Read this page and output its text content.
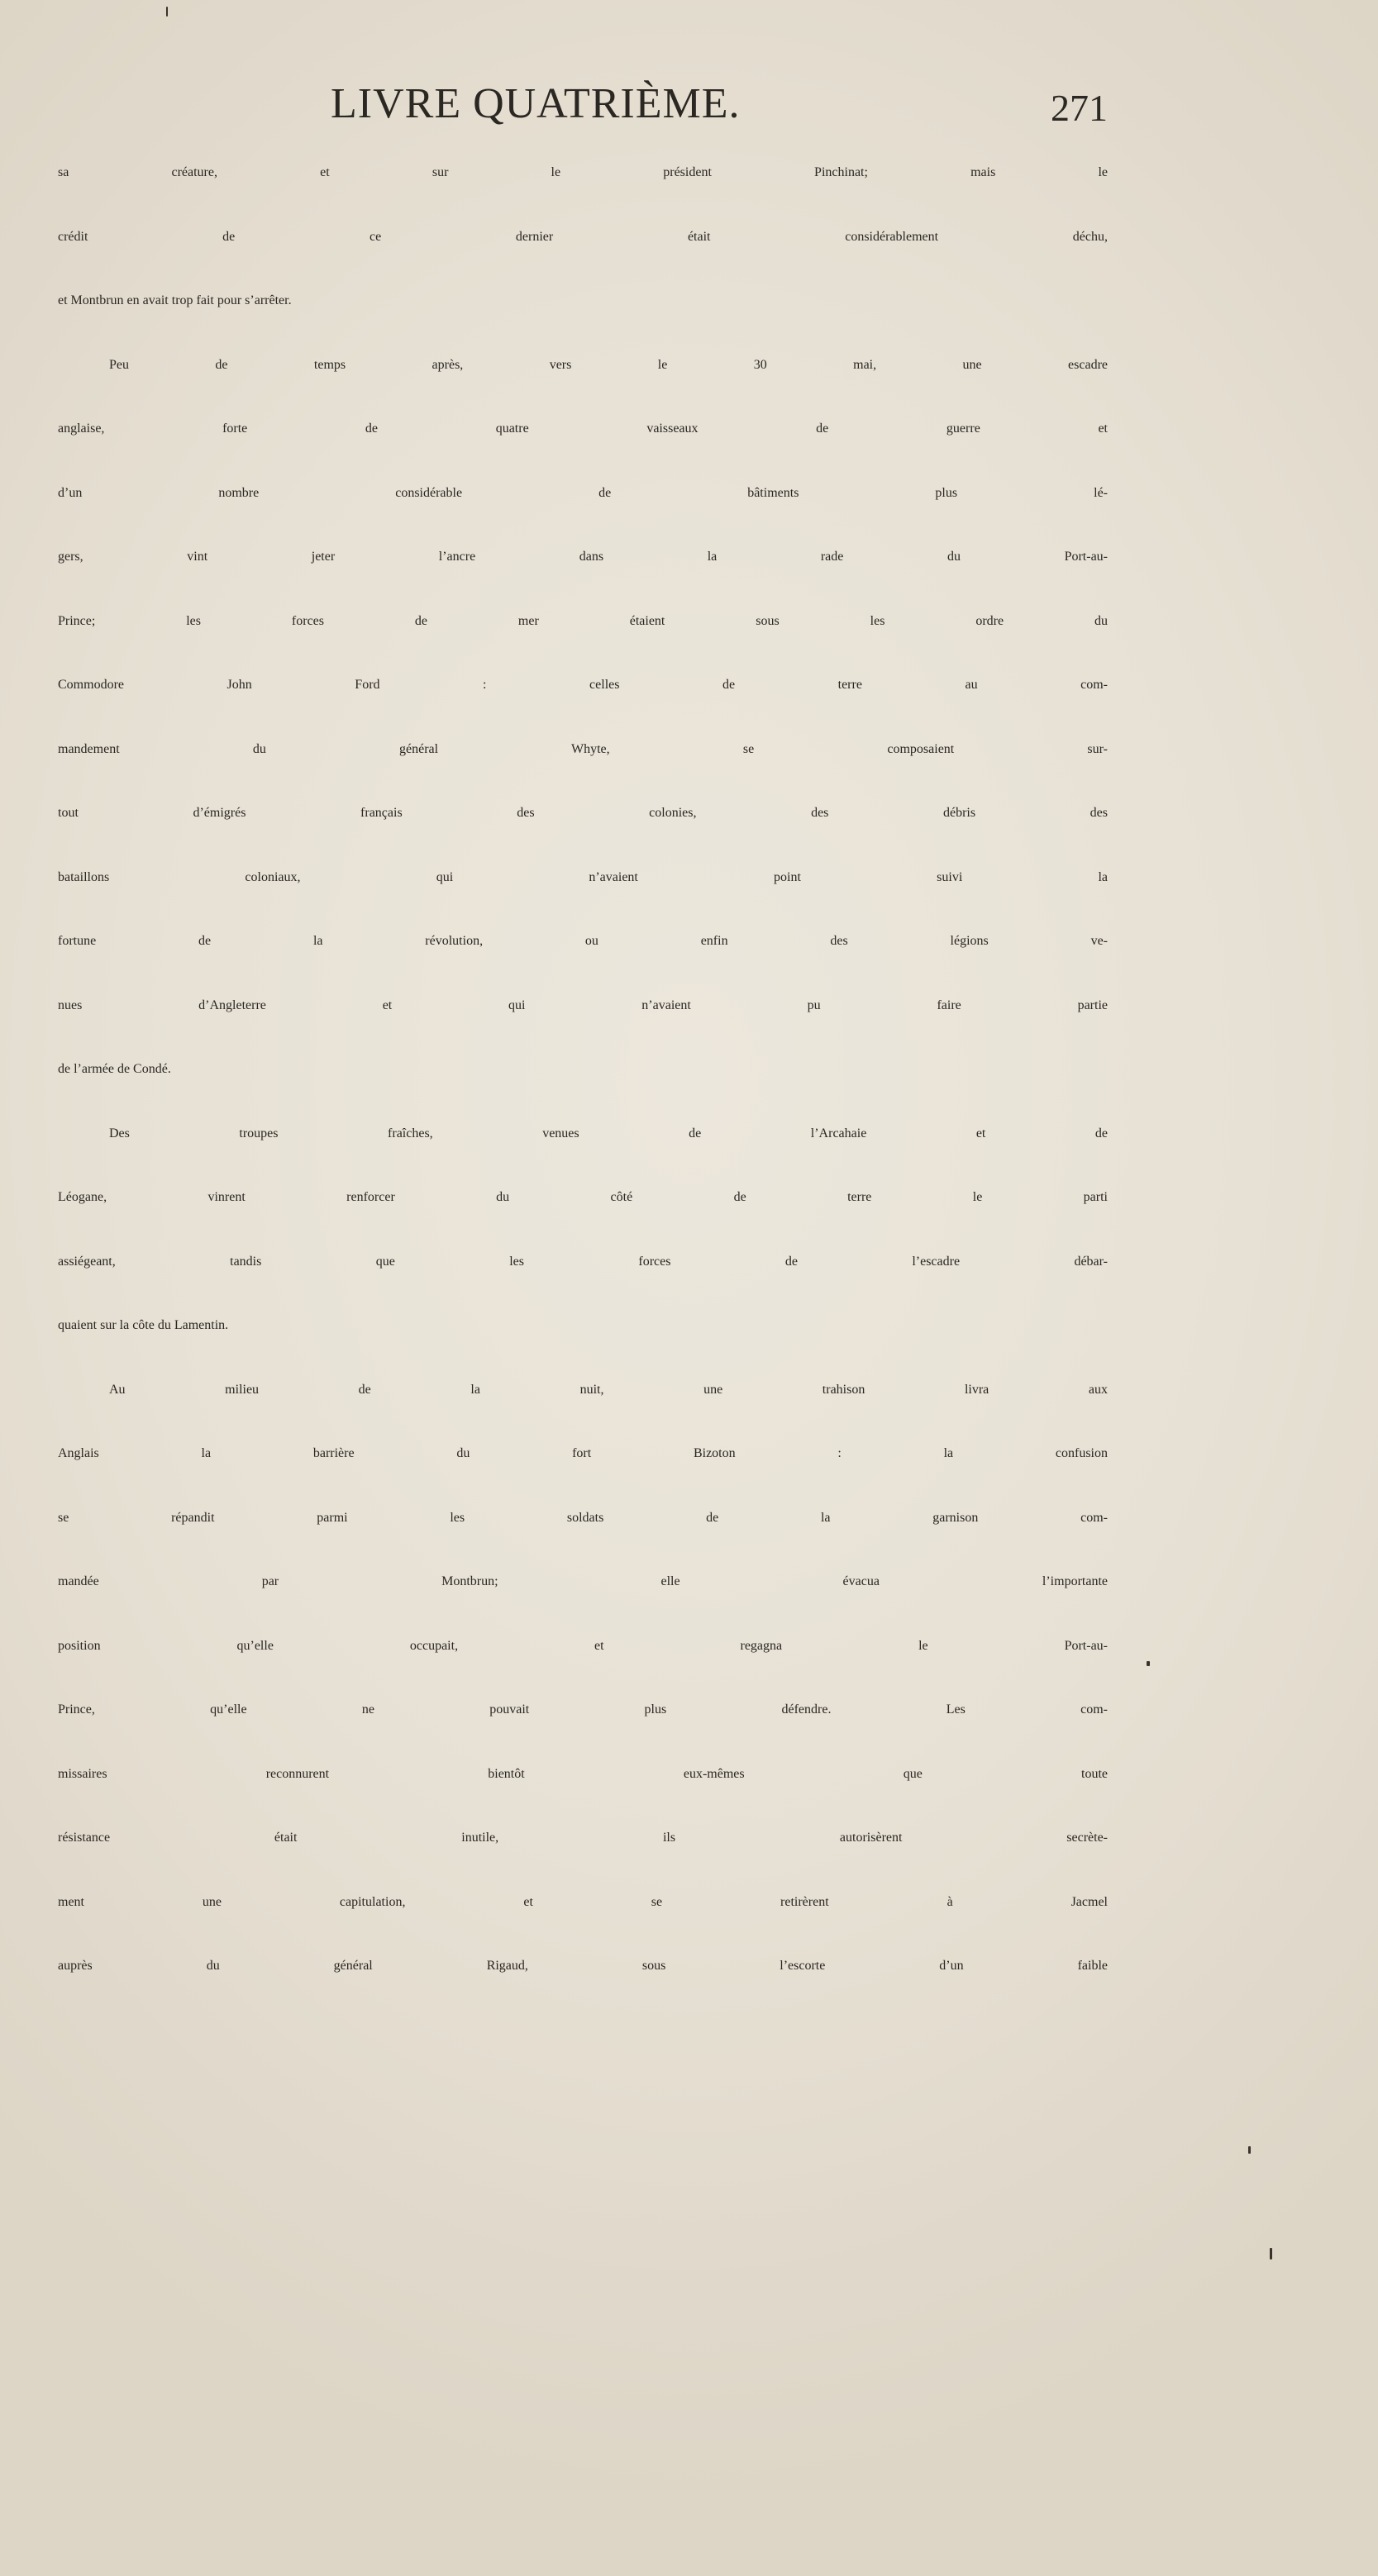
LIVRE QUATRIÈME.	271
sa créature, et sur le président Pinchinat; mais le
crédit de ce dernier était considérablement déchu,
et Montbrun en avait trop fait pour s’arrêter.
Peu de temps après, vers le 30 mai, une escadre
anglaise, forte de quatre vaisseaux de guerre et
d’un nombre considérable de bâtiments plus lé-
gers, vint jeter l’ancre dans la rade du Port-au-
Prince; les forces de mer étaient sous les ordre du
Commodore John Ford : celles de terre au com-
mandement du général Whyte, se composaient sur-
tout d’émigrés français des colonies, des débris des
bataillons coloniaux, qui n’avaient point suivi la
fortune de la révolution, ou enfin des légions ve-
nues d’Angleterre et qui n’avaient pu faire partie
de l’armée de Condé.
Des troupes fraîches, venues de l’Arcahaie et de
Léogane, vinrent renforcer du côté de terre le parti
assiégeant, tandis que les forces de l’escadre débar-
quaient sur la côte du Lamentin.
Au milieu de la nuit, une trahison livra aux
Anglais la barrière du fort Bizoton : la confusion
se répandit parmi les soldats de la garnison com-
mandée par Montbrun; elle évacua l’importante
position qu’elle occupait, et regagna le Port-au-
Prince, qu’elle ne pouvait plus défendre. Les com-
missaires reconnurent bientôt eux-mêmes que toute
résistance était inutile, ils autorisèrent secrète-
ment une capitulation, et se retirèrent à Jacmel
auprès du général Rigaud, sous l’escorte d’un faible
